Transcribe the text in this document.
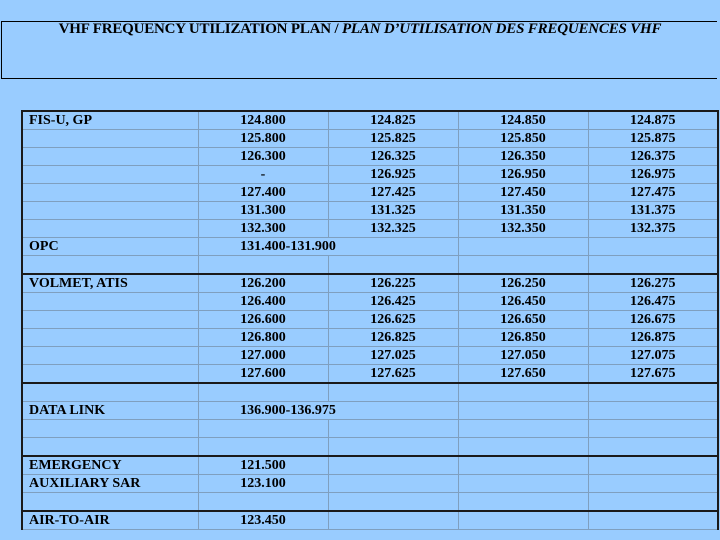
VHF FREQUENCY UTILIZATION PLAN / PLAN D’UTILISATION DES FREQUENCES VHF
FIS-U, GP	124.800	124.825	124.850	124.875
	125.800	125.825	125.850	125.875
	126.300	126.325	126.350	126.375
	-	126.925	126.950	126.975
	127.400	127.425	127.450	127.475
	131.300	131.325	131.350	131.375
	132.300	132.325	132.350	132.375
OPC	131.400-131.900			

VOLMET, ATIS	126.200	126.225	126.250	126.275
	126.400	126.425	126.450	126.475
	126.600	126.625	126.650	126.675
	126.800	126.825	126.850	126.875
	127.000	127.025	127.050	127.075
	127.600	127.625	127.650	127.675

DATA LINK	136.900-136.975			

EMERGENCY	121.500			
AUXILIARY SAR	123.100			

AIR-TO-AIR	123.450			
